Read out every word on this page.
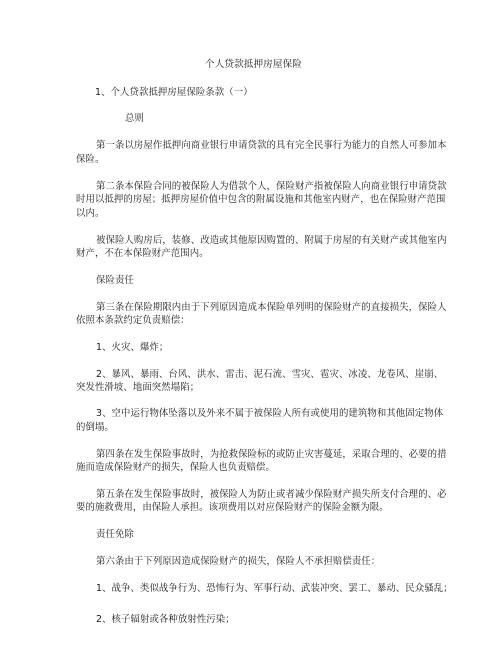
个人贷款抵押房屋保险
1、个人贷款抵押房屋保险条款（一）
总则
第一条以房屋作抵押向商业银行申请贷款的具有完全民事行为能力的自然人可参加本
保险。
第二条本保险合同的被保险人为借款个人，保险财产指被保险人向商业银行申请贷款
时用以抵押的房屋；抵押房屋价值中包含的附属设施和其他室内财产，也在保险财产范围
以内。
被保险人购房后，装修、改造或其他原因购置的、附属于房屋的有关财产或其他室内
财产，不在本保险财产范围内。
保险责任
第三条在保险期限内由于下列原因造成本保险单列明的保险财产的直接损失，保险人
依照本条款约定负责赔偿：
1、火灾、爆炸；
2、暴风、暴雨、台风、洪水、雷击、泥石流、雪灾、雹灾、冰凌、龙卷风、崖崩、
突发性滑坡、地面突然塌陷；
3、空中运行物体坠落以及外来不属于被保险人所有或使用的建筑物和其他固定物体
的倒塌。
第四条在发生保险事故时，为抢救保险标的或防止灾害蔓延，采取合理的、必要的措
施而造成保险财产的损失，保险人也负责赔偿。
第五条在发生保险事故时，被保险人为防止或者减少保险财产损失所支付合理的、必
要的施救费用，由保险人承担。该项费用以对应保险财产的保险金额为限。
责任免除
第六条由于下列原因造成保险财产的损失，保险人不承担赔偿责任：
1、战争、类似战争行为、恐怖行为、军事行动、武装冲突、罢工、暴动、民众骚乱；
2、核子辐射或各种放射性污染；
